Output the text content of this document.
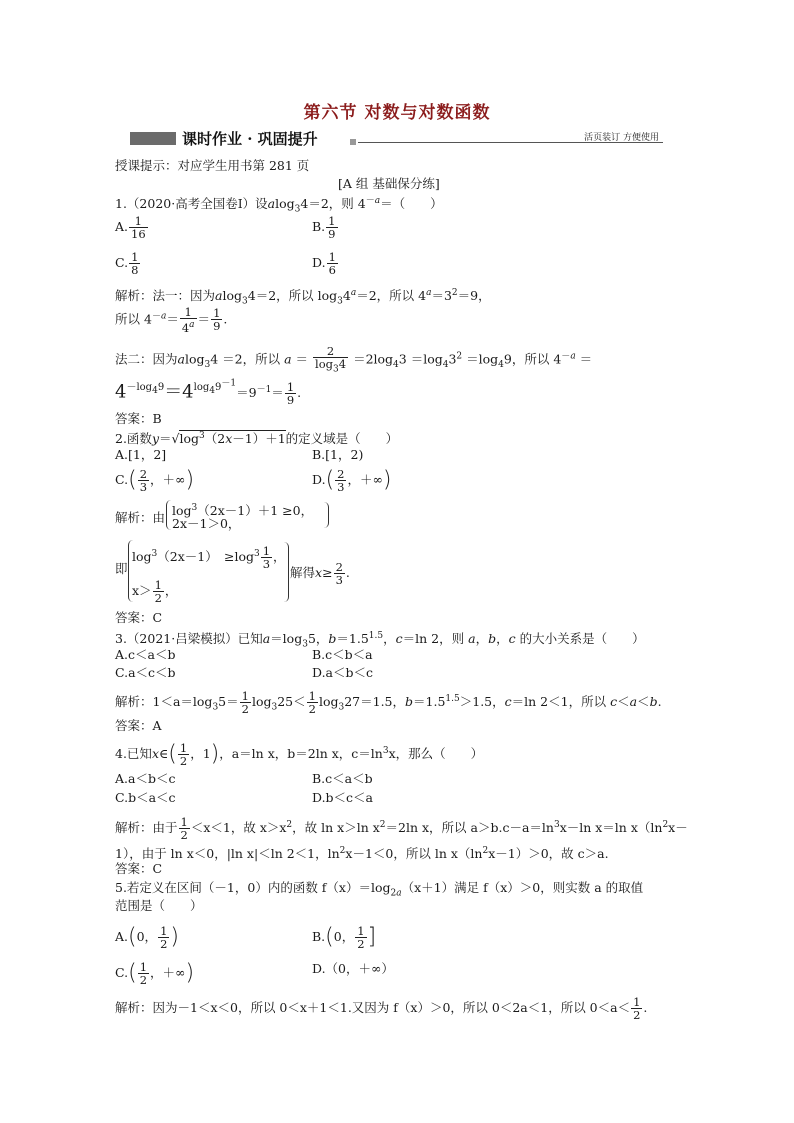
第六节 对数与对数函数
课时作业 · 巩固提升	活页装订 方便使用
授课提示：对应学生用书第 281 页
[A 组 基础保分练]
1.（2020·高考全国卷Ⅰ）设alog$_3$4＝2，则 $4^{-a}=$（　　）
A. $\frac{1}{16}$	B. $\frac{1}{9}$
C. $\frac{1}{8}$	D. $\frac{1}{6}$
解析：法一：因为alog$_3$4＝2，所以 $\log_34^a=2$，所以 $4^a=3^2=9$，
所以 $4^{-a}= \frac{1}{4^a} = \frac{1}{9}$ .
法二：因为alog$_3$4 ＝2，所以 $a = \frac{2}{\log_34} =2\log_43 =\log_43^2 =\log_49$，所以 $4^{-a}$ ＝
$4^{-log_49}=4^{log_49^{-1}}=9^{-1}= \frac{1}{9}$ .
答案：B
2.函数$y=√\log^3(2x-1)+1$的定义域是（　　）
A.[1，2]	B.[1，2)
$C.( \frac{2}{3}$ ，＋∞)	$D.( \frac{2}{3}$ ，＋∞)
解析：由 $\log^3(2x-1)+1 \ge 0$，
2x－1＞0，
即
$\log^3(2x-1)$　$\ge\log^3 \frac{1}{3}$ ，
$x> \frac{1}{2}$ ，
解得$x\ge \frac{2}{3}$ .
答案：C
3.（2021·吕梁模拟）已知$a=\log_35$，$b=1.5^{1.5}$，c＝ln 2，则 a，b，c 的大小关系是（　　）
A.c＜a＜b	B.c＜b＜a
C.a＜c＜b	D.a＜b＜c
解析：$1<a=\log_35= \frac{1}{2} \log_325< \frac{1}{2} \log_327=1.5$，$b=1.5^{1.5}>1.5$，c＝ln 2＜1，所以 c＜a＜b.
答案：A
4.已知x∈( $\frac{1}{2}$ ，1)，a＝ln x，b＝2ln x，$c=\ln^3x$，那么（　　）
A.a＜b＜c	B.c＜a＜b
C.b＜a＜c	D.b＜c＜a
解析：由于 $\frac{1}{2} <x<1$，故 $x>x^2$，故 ln x＞ln $x^2=2\ln$ x，所以 $a>b.c-a=\ln^3x-\ln$ x＝ln $x(\ln^2x-$
1），由于 ln x＜0，|ln x|＜ln 2＜1，$\ln^2x-1<0$，所以 $\ln x(\ln^2x-1)>0$，故 c＞a.
答案：C
5.若定义在区间（－1，0）内的函数 $f(x)=\log_{2a}(x+1)$满足 f（x）＞0，则实数 a 的取值
范围是（　　）
A.(0， $\frac{1}{2}$ )	B.(0， $\frac{1}{2}$ ]
$C.( \frac{1}{2}$ ，＋∞)	D.（0，＋∞）
解析：因为－1＜x＜0，所以 0＜x＋1＜1.又因为 f（x）＞0，所以 0＜2a＜1，所以 $0<a< \frac{1}{2}$ .
